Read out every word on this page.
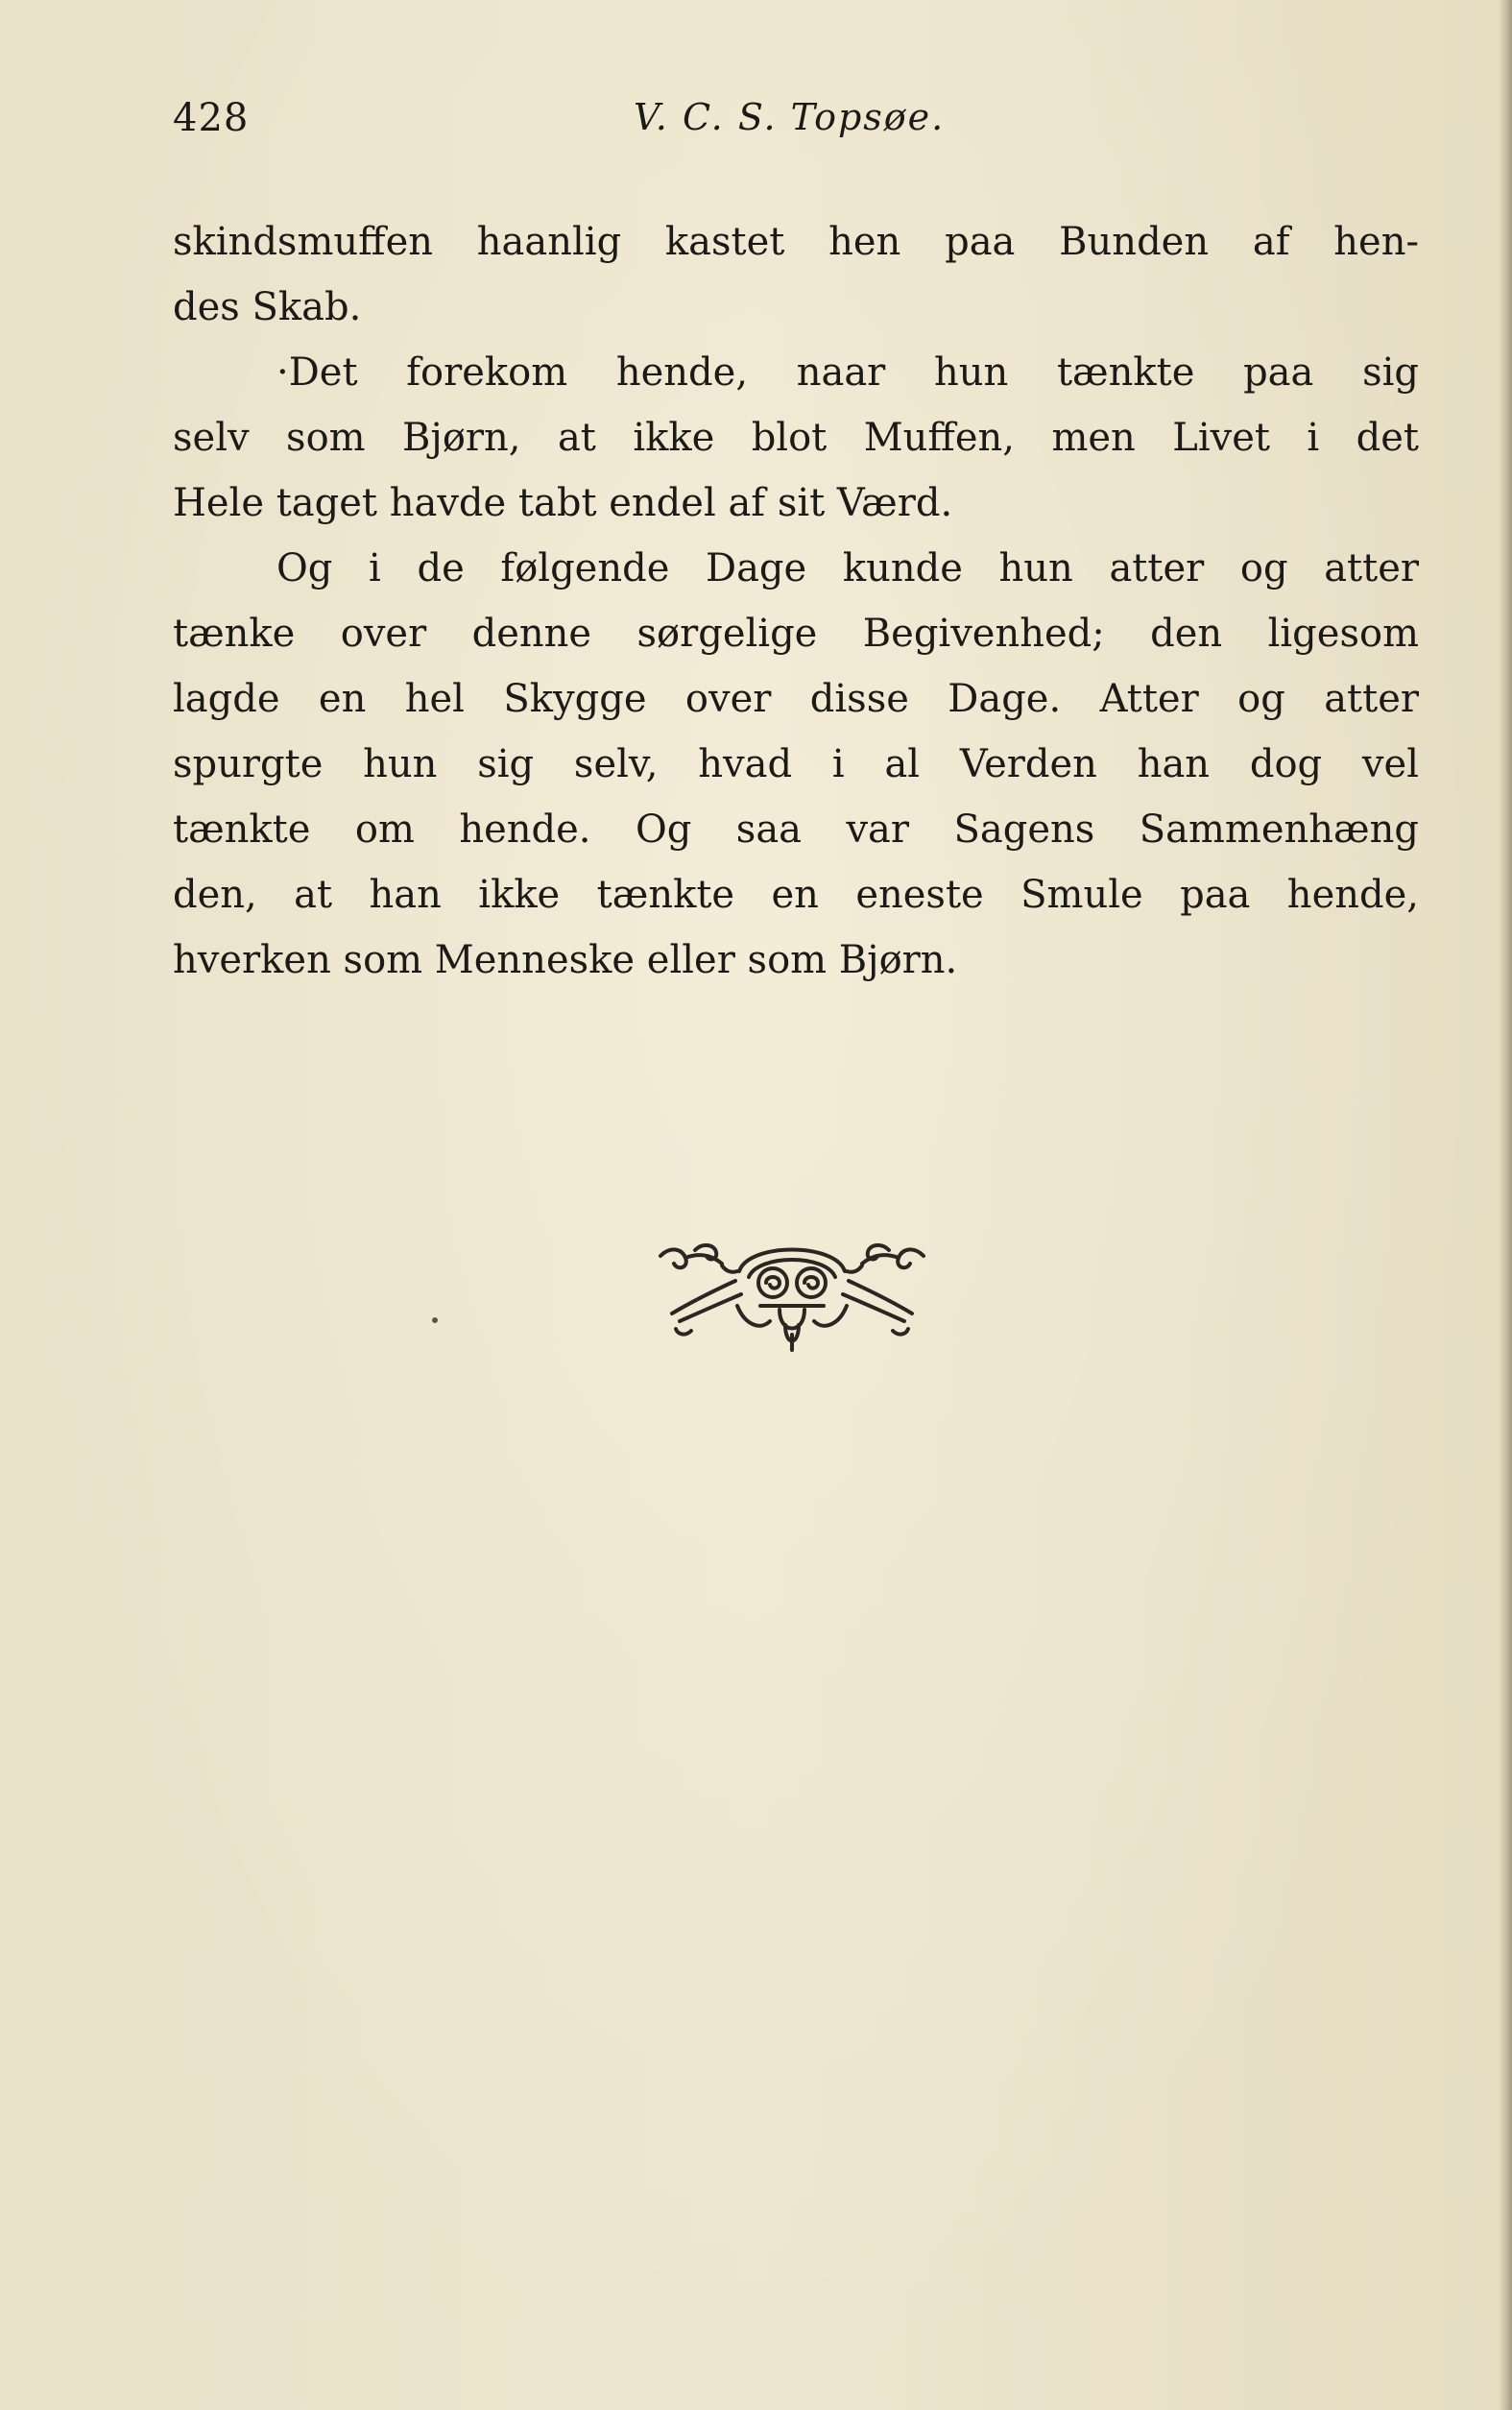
428	V. C. S. Topsøe.
skindsmuffen haanlig kastet hen paa Bunden af hen-
des Skab.
·Det forekom hende, naar hun tænkte paa sig
selv som Bjørn, at ikke blot Muffen, men Livet i det
Hele taget havde tabt endel af sit Værd.
Og i de følgende Dage kunde hun atter og atter
tænke over denne sørgelige Begivenhed; den ligesom
lagde en hel Skygge over disse Dage. Atter og atter
spurgte hun sig selv, hvad i al Verden han dog vel
tænkte om hende. Og saa var Sagens Sammenhæng
den, at han ikke tænkte en eneste Smule paa hende,
hverken som Menneske eller som Bjørn.
